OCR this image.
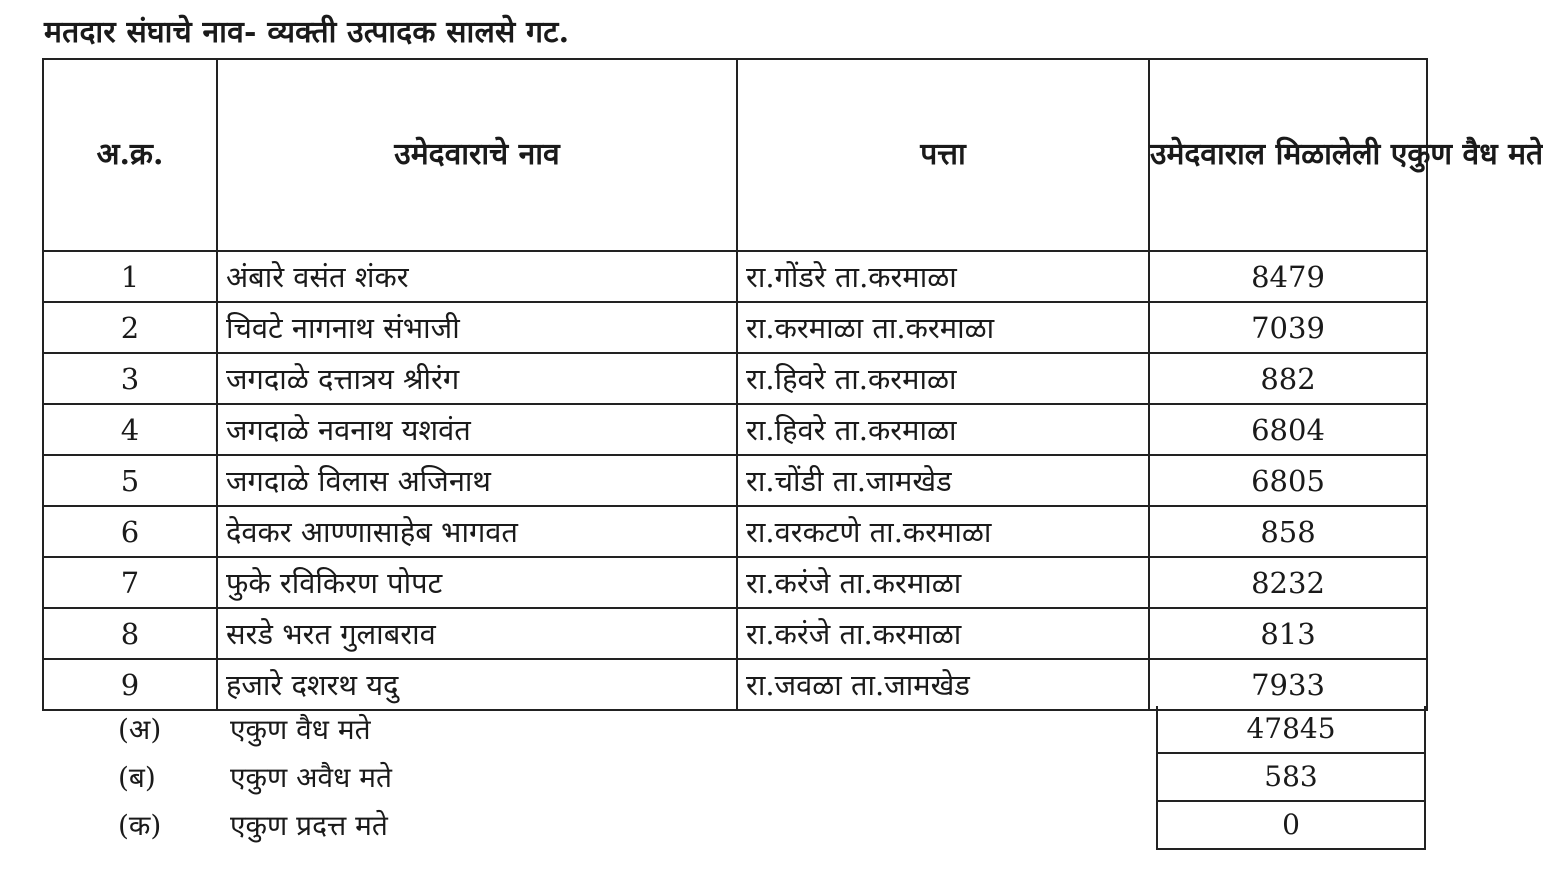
मतदार संघाचे नाव- व्यक्ती उत्पादक सालसे गट.
अ.क्र.	उमेदवाराचे नाव	पत्ता	उमेदवाराल मिळालेली एकुण वैध मते
1	अंबारे वसंत शंकर	रा.गोंडरे ता.करमाळा	8479
2	चिवटे नागनाथ संभाजी	रा.करमाळा ता.करमाळा	7039
3	जगदाळे दत्तात्रय श्रीरंग	रा.हिवरे ता.करमाळा	882
4	जगदाळे नवनाथ यशवंत	रा.हिवरे ता.करमाळा	6804
5	जगदाळे विलास अजिनाथ	रा.चोंडी ता.जामखेड	6805
6	देवकर आण्णासाहेब भागवत	रा.वरकटणे ता.करमाळा	858
7	फुके रविकिरण पोपट	रा.करंजे ता.करमाळा	8232
8	सरडे भरत गुलाबराव	रा.करंजे ता.करमाळा	813
9	हजारे दशरथ यदु	रा.जवळा ता.जामखेड	7933
(अ) एकुण वैध मते	47845
(ब)	एकुण अवैध मते	583
(क) एकुण प्रदत्त मते	0
